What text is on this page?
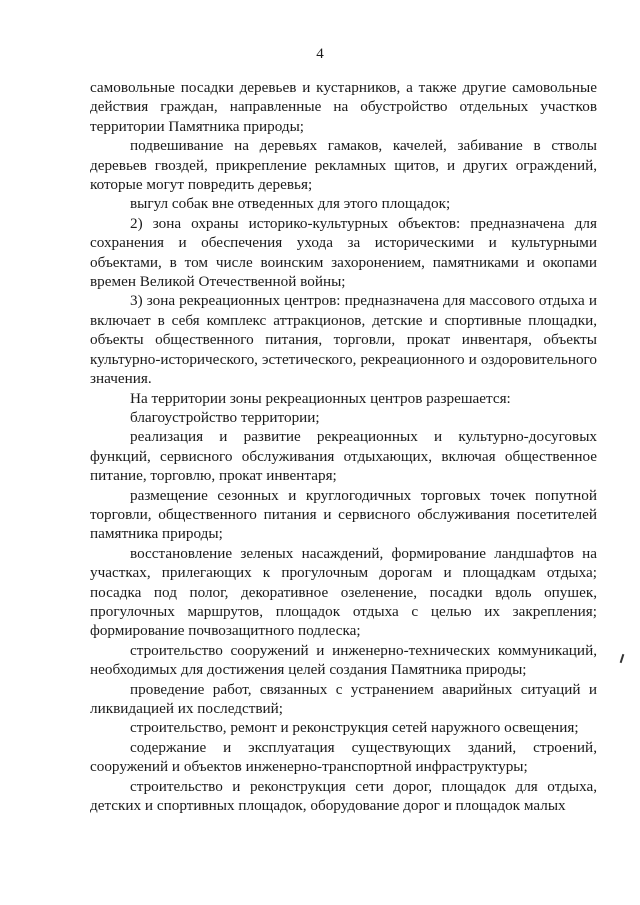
4

самовольные посадки деревьев и кустарников, а также другие самовольные действия граждан, направленные на обустройство отдельных участков территории Памятника природы;

подвешивание на деревьях гамаков, качелей, забивание в стволы деревьев гвоздей, прикрепление рекламных щитов, и других ограждений, которые могут повредить деревья;

выгул собак вне отведенных для этого площадок;

2) зона охраны историко-культурных объектов: предназначена для сохранения и обеспечения ухода за историческими и культурными объектами, в том числе воинским захоронением, памятниками и окопами времен Великой Отечественной войны;

3) зона рекреационных центров: предназначена для массового отдыха и включает в себя комплекс аттракционов, детские и спортивные площадки, объекты общественного питания, торговли, прокат инвентаря, объекты культурно-исторического, эстетического, рекреационного и оздоровительного значения.

На территории зоны рекреационных центров разрешается:

благоустройство территории;

реализация и развитие рекреационных и культурно-досуговых функций, сервисного обслуживания отдыхающих, включая общественное питание, торговлю, прокат инвентаря;

размещение сезонных и круглогодичных торговых точек попутной торговли, общественного питания и сервисного обслуживания посетителей памятника природы;

восстановление зеленых насаждений, формирование ландшафтов на участках, прилегающих к прогулочным дорогам и площадкам отдыха; посадка под полог, декоративное озеленение, посадки вдоль опушек, прогулочных маршрутов, площадок отдыха с целью их закрепления; формирование почвозащитного подлеска;

строительство сооружений и инженерно-технических коммуникаций, необходимых для достижения целей создания Памятника природы;

проведение работ, связанных с устранением аварийных ситуаций и ликвидацией их последствий;

строительство, ремонт и реконструкция сетей наружного освещения;

содержание и эксплуатация существующих зданий, строений, сооружений и объектов инженерно-транспортной инфраструктуры;

строительство и реконструкция сети дорог, площадок для отдыха, детских и спортивных площадок, оборудование дорог и площадок малых
